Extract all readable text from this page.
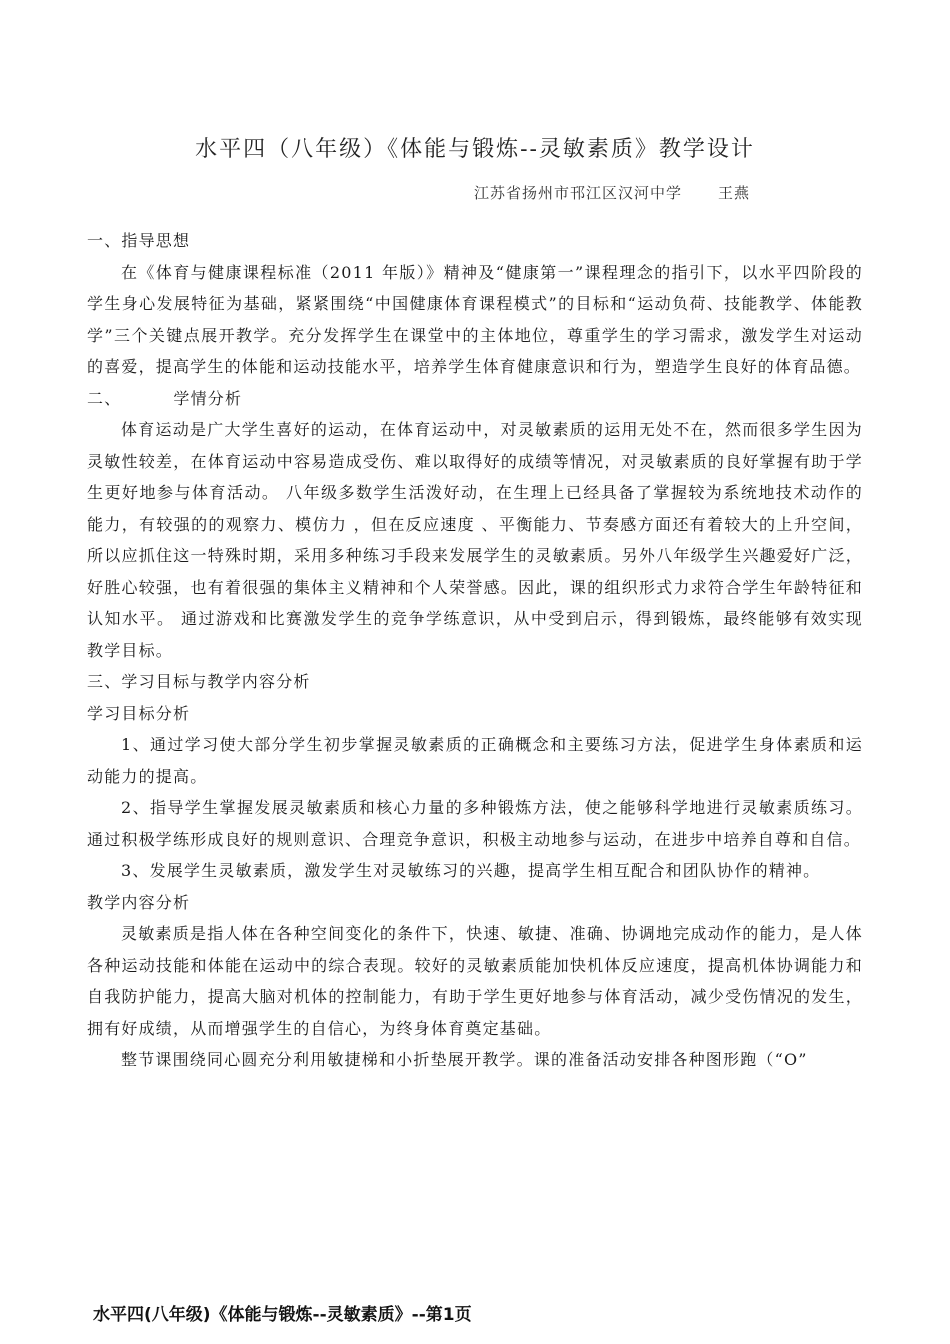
水平四（八年级）《体能与锻炼--灵敏素质》教学设计
江苏省扬州市邗江区汉河中学 王燕

一、指导思想

在《体育与健康课程标准（2011 年版）》精神及“健康第一”课程理念的指引下，以水平四阶段的学生身心发展特征为基础，紧紧围绕“中国健康体育课程模式”的目标和“运动负荷、技能教学、体能教学”三个关键点展开教学。充分发挥学生在课堂中的主体地位，尊重学生的学习需求，激发学生对运动的喜爱，提高学生的体能和运动技能水平，培养学生体育健康意识和行为，塑造学生良好的体育品德。

二、	学情分析

体育运动是广大学生喜好的运动，在体育运动中，对灵敏素质的运用无处不在，然而很多学生因为灵敏性较差，在体育运动中容易造成受伤、难以取得好的成绩等情况，对灵敏素质的良好掌握有助于学生更好地参与体育活动。 八年级多数学生活泼好动，在生理上已经具备了掌握较为系统地技术动作的能力，有较强的的观察力、模仿力 ，但在反应速度 、平衡能力、节奏感方面还有着较大的上升空间， 所以应抓住这一特殊时期，采用多种练习手段来发展学生的灵敏素质。另外八年级学生兴趣爱好广泛， 好胜心较强，也有着很强的集体主义精神和个人荣誉感。因此，课的组织形式力求符合学生年龄特征和认知水平。 通过游戏和比赛激发学生的竞争学练意识，从中受到启示，得到锻炼，最终能够有效实现教学目标。

三、学习目标与教学内容分析

学习目标分析

1、通过学习使大部分学生初步掌握灵敏素质的正确概念和主要练习方法，促进学生身体素质和运动能力的提高。

2、指导学生掌握发展灵敏素质和核心力量的多种锻炼方法，使之能够科学地进行灵敏素质练习。通过积极学练形成良好的规则意识、合理竞争意识，积极主动地参与运动，在进步中培养自尊和自信。

3、发展学生灵敏素质，激发学生对灵敏练习的兴趣，提高学生相互配合和团队协作的精神。

教学内容分析

灵敏素质是指人体在各种空间变化的条件下，快速、敏捷、准确、协调地完成动作的能力，是人体各种运动技能和体能在运动中的综合表现。较好的灵敏素质能加快机体反应速度，提高机体协调能力和自我防护能力，提高大脑对机体的控制能力，有助于学生更好地参与体育活动，减少受伤情况的发生，拥有好成绩，从而增强学生的自信心，为终身体育奠定基础。

整节课围绕同心圆充分利用敏捷梯和小折垫展开教学。课的准备活动安排各种图形跑（“O”

水平四(八年级)《体能与锻炼--灵敏素质》--第1页
